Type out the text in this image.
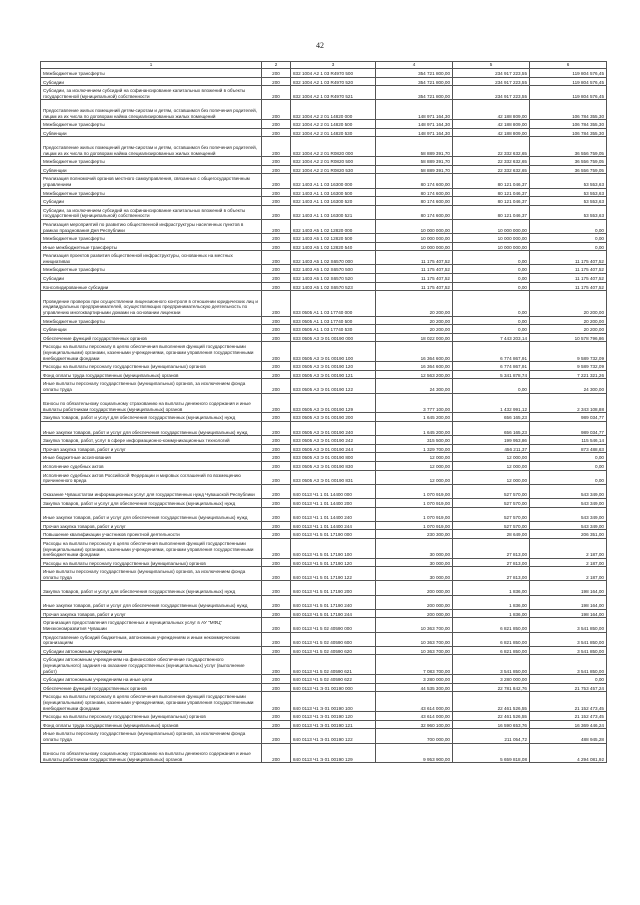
42
1	2	3	4	5	6
Межбюджетные трансферты	200	832 1004 А2 1 03 R4970 500	354 721 800,00	234 917 223,55	119 804 576,45
Субсидии	200	832 1004 А2 1 03 R4970 520	354 721 800,00	234 917 223,55	119 804 576,45
Субсидии, за исключением субсидий на софинансирование капитальных вложений в объекты государственной (муниципальной) собственности	200	832 1004 А2 1 03 R4970 521	354 721 800,00	234 917 223,55	119 804 576,45
Предоставление жилых помещений детям-сиротам и детям, оставшимся без попечения родителей, лицам из их числа по договорам найма специализированных жилых помещений	200	832 1004 А2 2 01 14820 000	148 971 164,30	42 188 809,00	106 784 355,30
Межбюджетные трансферты	200	832 1004 А2 2 01 14820 500	148 971 164,30	42 188 809,00	106 784 355,30
Субвенции	200	832 1004 А2 2 01 14820 530	148 971 164,30	42 188 809,00	106 784 355,30
Предоставление жилых помещений детям-сиротам и детям, оставшимся без попечения родителей, лицам из их числа по договорам найма специализированных жилых помещений	200	832 1004 А2 2 01 R0820 000	58 889 391,70	22 332 632,65	36 556 759,05
Межбюджетные трансферты	200	832 1004 А2 2 01 R0820 500	58 889 391,70	22 332 632,65	36 556 759,05
Субвенции	200	832 1004 А2 2 01 R0820 530	58 889 391,70	22 332 632,65	36 556 759,05
Реализация полномочий органов местного самоуправления, связанных с общегосударственным управлением	200	832 1403 А1 1 03 16300 000	80 174 600,00	80 121 046,37	53 553,63
Межбюджетные трансферты	200	832 1403 А1 1 03 16300 500	80 174 600,00	80 121 046,37	53 553,63
Субсидии	200	832 1403 А1 1 03 16300 520	80 174 600,00	80 121 046,37	53 553,63
Субсидии, за исключением субсидий на софинансирование капитальных вложений в объекты государственной (муниципальной) собственности	200	832 1403 А1 1 03 16300 521	80 174 600,00	80 121 046,37	53 553,63
Реализация мероприятий по развитию общественной инфраструктуры населенных пунктов в рамках празднования Дня Республики	200	832 1403 А5 1 02 12820 000	10 000 000,00	10 000 000,00	0,00
Межбюджетные трансферты	200	832 1403 А5 1 02 12820 500	10 000 000,00	10 000 000,00	0,00
Иные межбюджетные трансферты	200	832 1403 А5 1 02 12820 540	10 000 000,00	10 000 000,00	0,00
Реализация проектов развития общественной инфраструктуры, основанных на местных инициативах	200	832 1403 А5 1 02 S6570 000	11 175 407,52	0,00	11 175 407,52
Межбюджетные трансферты	200	832 1403 А5 1 02 S6570 500	11 175 407,52	0,00	11 175 407,52
Субсидии	200	832 1403 А5 1 02 S6570 520	11 175 407,52	0,00	11 175 407,52
Консолидированные субсидии	200	832 1403 А5 1 02 S6570 523	11 175 407,52	0,00	11 175 407,52
Проведение проверок при осуществлении лицензионного контроля в отношении юридических лиц и индивидуальных предпринимателей, осуществляющих предпринимательскую деятельность по управлению многоквартирными домами на основании лицензии	200	833 0505 А1 1 03 17740 000	20 200,00	0,00	20 200,00
Межбюджетные трансферты	200	833 0505 А1 1 03 17740 500	20 200,00	0,00	20 200,00
Субвенции	200	833 0505 А1 1 03 17740 530	20 200,00	0,00	20 200,00
Обеспечение функций государственных органов	200	833 0505 А3 Э 01 00190 000	18 022 000,00	7 443 203,14	10 578 796,86
Расходы на выплаты персоналу в целях обеспечения выполнения функций государственными (муниципальными) органами, казенными учреждениями, органами управления государственными внебюджетными фондами	200	833 0505 А3 Э 01 00190 100	16 364 600,00	6 774 867,91	9 589 732,09
Расходы на выплаты персоналу государственных (муниципальных) органов	200	833 0505 А3 Э 01 00190 120	16 364 600,00	6 774 867,91	9 589 732,09
Фонд оплаты труда государственных (муниципальных) органов	200	833 0505 А3 Э 01 00190 121	12 563 200,00	5 341 878,74	7 221 321,26
Иные выплаты персоналу государственных (муниципальных) органов, за исключением фонда оплаты труда	200	833 0505 А3 Э 01 00190 122	24 300,00	0,00	24 300,00
Взносы по обязательному социальному страхованию на выплаты денежного содержания и иные выплаты работникам государственных (муниципальных) органов	200	833 0505 А3 Э 01 00190 129	3 777 100,00	1 432 991,12	2 343 108,88
Закупка товаров, работ и услуг для обеспечения государственных (муниципальных) нужд	200	833 0505 А3 Э 01 00190 200	1 645 200,00	656 165,23	989 034,77
Иные закупки товаров, работ и услуг для обеспечения государственных (муниципальных) нужд	200	833 0505 А3 Э 01 00190 240	1 645 200,00	656 165,23	989 034,77
Закупка товаров, работ, услуг в сфере информационно-коммуникационных технологий	200	833 0505 А3 Э 01 00190 242	315 500,00	199 953,86	115 546,14
Прочая закупка товаров, работ и услуг	200	833 0505 А3 Э 01 00190 244	1 329 700,00	456 211,37	873 488,63
Иные бюджетные ассигнования	200	833 0505 А3 Э 01 00190 800	12 000,00	12 000,00	0,00
Исполнение судебных актов	200	833 0505 А3 Э 01 00190 830	12 000,00	12 000,00	0,00
Исполнение судебных актов Российской Федерации и мировых соглашений по возмещению причиненного вреда	200	833 0505 А3 Э 01 00190 831	12 000,00	12 000,00	0,00
Оказание Чувашстатом информационных услуг для государственных нужд Чувашской Республики	200	840 0113 Ч1 1 01 14400 000	1 070 919,00	527 570,00	543 349,00
Закупка товаров, работ и услуг для обеспечения государственных (муниципальных) нужд	200	840 0113 Ч1 1 01 14400 200	1 070 919,00	527 570,00	543 349,00
Иные закупки товаров, работ и услуг для обеспечения государственных (муниципальных) нужд	200	840 0113 Ч1 1 01 14400 240	1 070 919,00	527 570,00	543 349,00
Прочая закупка товаров, работ и услуг	200	840 0113 Ч1 1 01 14400 244	1 070 919,00	527 570,00	543 349,00
Повышение квалификации участников проектной деятельности	200	840 0113 Ч1 5 01 17190 000	230 300,00	28 649,00	206 351,00
Расходы на выплаты персоналу в целях обеспечения выполнения функций государственными (муниципальными) органами, казенными учреждениями, органами управления государственными внебюджетными фондами	200	840 0113 Ч1 5 01 17190 100	30 000,00	27 813,00	2 187,00
Расходы на выплаты персоналу государственных (муниципальных) органов	200	840 0113 Ч1 5 01 17190 120	30 000,00	27 813,00	2 187,00
Иные выплаты персоналу государственных (муниципальных) органов, за исключением фонда оплаты труда	200	840 0113 Ч1 5 01 17190 122	30 000,00	27 813,00	2 187,00
Закупка товаров, работ и услуг для обеспечения государственных (муниципальных) нужд	200	840 0113 Ч1 5 01 17190 200	200 000,00	1 836,00	198 164,00
Иные закупки товаров, работ и услуг для обеспечения государственных (муниципальных) нужд	200	840 0113 Ч1 5 01 17190 240	200 000,00	1 836,00	198 164,00
Прочая закупка товаров, работ и услуг	200	840 0113 Ч1 5 01 17190 244	200 000,00	1 836,00	198 164,00
Организация предоставления государственных и муниципальных услуг в АУ "МФЦ" Минэкономразвития Чувашии	200	840 0113 Ч1 5 02 40590 000	10 363 700,00	6 821 850,00	3 541 850,00
Предоставление субсидий бюджетным, автономным учреждениям и иным некоммерческим организациям	200	840 0113 Ч1 5 02 40590 600	10 363 700,00	6 821 850,00	3 541 850,00
Субсидии автономным учреждениям	200	840 0113 Ч1 5 02 40590 620	10 363 700,00	6 821 850,00	3 541 850,00
Субсидии автономным учреждениям на финансовое обеспечение государственного (муниципального) задания на оказание государственных (муниципальных) услуг (выполнение работ)	200	840 0113 Ч1 5 02 40590 621	7 083 700,00	3 541 850,00	3 541 850,00
Субсидии автономным учреждениям на иные цели	200	840 0113 Ч1 5 02 40590 622	3 280 000,00	3 280 000,00	0,00
Обеспечение функций государственных органов	200	840 0113 Ч1 Э 01 00190 000	44 535 300,00	22 781 842,76	21 753 457,24
Расходы на выплаты персоналу в целях обеспечения выполнения функций государственными (муниципальными) органами, казенными учреждениями, органами управления государственными внебюджетными фондами	200	840 0113 Ч1 Э 01 00190 100	43 614 000,00	22 461 526,55	21 152 473,45
Расходы на выплаты персоналу государственных (муниципальных) органов	200	840 0113 Ч1 Э 01 00190 120	43 614 000,00	22 461 526,55	21 152 473,45
Фонд оплаты труда государственных (муниципальных) органов	200	840 0113 Ч1 Э 01 00190 121	32 960 100,00	16 590 653,76	16 369 446,24
Иные выплаты персоналу государственных (муниципальных) органов, за исключением фонда оплаты труда	200	840 0113 Ч1 Э 01 00190 122	700 000,00	211 054,72	488 945,28
Взносы по обязательному социальному страхованию на выплаты денежного содержания и иные выплаты работникам государственных (муниципальных) органов	200	840 0113 Ч1 Э 01 00190 129	9 953 900,00	5 659 818,08	4 294 081,92
